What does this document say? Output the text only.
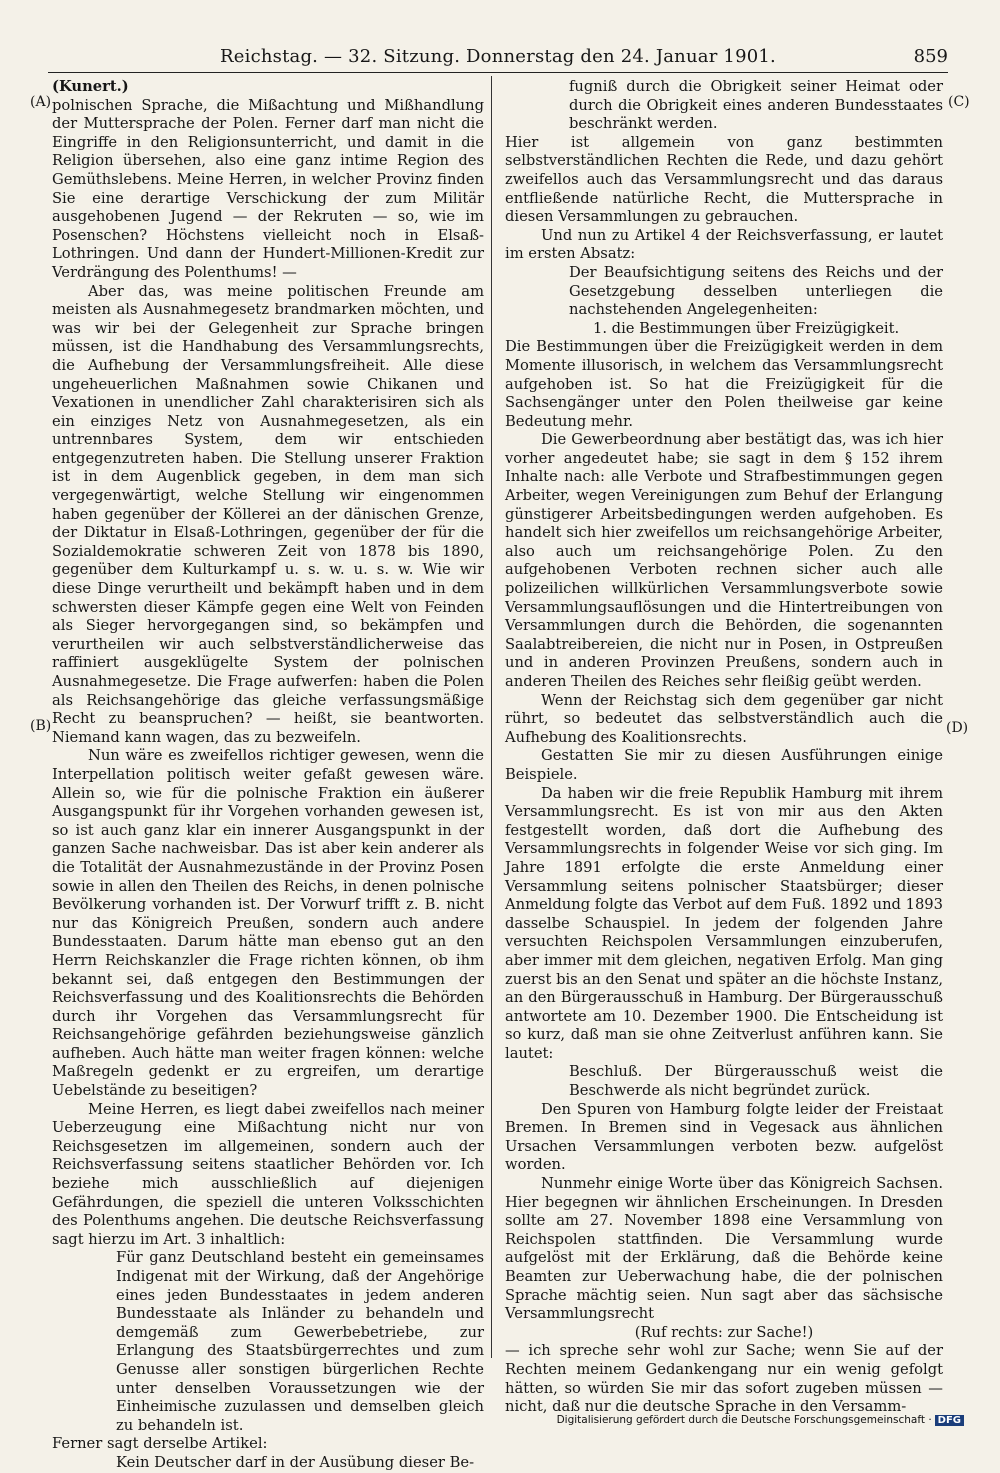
Reichstag. — 32. Sitzung. Donnerstag den 24. Januar 1901.	859
(A)
(B)
(C)
(D)

(Kunert.)

polnischen Sprache, die Mißachtung und Mißhandlung der Muttersprache der Polen. Ferner darf man nicht die Eingriffe in den Religionsunterricht, und damit in die Religion übersehen, also eine ganz intime Region des Gemüthslebens. Meine Herren, in welcher Provinz finden Sie eine derartige Verschickung der zum Militär ausgehobenen Jugend — der Rekruten — so, wie im Posenschen? Höchstens vielleicht noch in Elsaß-Lothringen. Und dann der Hundert-Millionen-Kredit zur Verdrängung des Polenthums! —

Aber das, was meine politischen Freunde am meisten als Ausnahmegesetz brandmarken möchten, und was wir bei der Gelegenheit zur Sprache bringen müssen, ist die Handhabung des Versammlungsrechts, die Aufhebung der Versammlungsfreiheit. Alle diese ungeheuerlichen Maßnahmen sowie Chikanen und Vexationen in unendlicher Zahl charakterisiren sich als ein einziges Netz von Ausnahmegesetzen, als ein untrennbares System, dem wir entschieden entgegenzutreten haben. Die Stellung unserer Fraktion ist in dem Augenblick gegeben, in dem man sich vergegenwärtigt, welche Stellung wir eingenommen haben gegenüber der Köllerei an der dänischen Grenze, der Diktatur in Elsaß-Lothringen, gegenüber der für die Sozialdemokratie schweren Zeit von 1878 bis 1890, gegenüber dem Kulturkampf u. s. w. u. s. w. Wie wir diese Dinge verurtheilt und bekämpft haben und in dem schwersten dieser Kämpfe gegen eine Welt von Feinden als Sieger hervorgegangen sind, so bekämpfen und verurtheilen wir auch selbstverständlicherweise das raffiniert ausgeklügelte System der polnischen Ausnahmegesetze. Die Frage aufwerfen: haben die Polen als Reichsangehörige das gleiche verfassungsmäßige Recht zu beanspruchen? — heißt, sie beantworten. Niemand kann wagen, das zu bezweifeln.

Nun wäre es zweifellos richtiger gewesen, wenn die Interpellation politisch weiter gefaßt gewesen wäre. Allein so, wie für die polnische Fraktion ein äußerer Ausgangspunkt für ihr Vorgehen vorhanden gewesen ist, so ist auch ganz klar ein innerer Ausgangspunkt in der ganzen Sache nachweisbar. Das ist aber kein anderer als die Totalität der Ausnahmezustände in der Provinz Posen sowie in allen den Theilen des Reichs, in denen polnische Bevölkerung vorhanden ist. Der Vorwurf trifft z. B. nicht nur das Königreich Preußen, sondern auch andere Bundesstaaten. Darum hätte man ebenso gut an den Herrn Reichskanzler die Frage richten können, ob ihm bekannt sei, daß entgegen den Bestimmungen der Reichsverfassung und des Koalitionsrechts die Behörden durch ihr Vorgehen das Versammlungsrecht für Reichsangehörige gefährden beziehungsweise gänzlich aufheben. Auch hätte man weiter fragen können: welche Maßregeln gedenkt er zu ergreifen, um derartige Uebelstände zu beseitigen?

Meine Herren, es liegt dabei zweifellos nach meiner Ueberzeugung eine Mißachtung nicht nur von Reichsgesetzen im allgemeinen, sondern auch der Reichsverfassung seitens staatlicher Behörden vor. Ich beziehe mich ausschließlich auf diejenigen Gefährdungen, die speziell die unteren Volksschichten des Polenthums angehen. Die deutsche Reichsverfassung sagt hierzu im Art. 3 inhaltlich:

Für ganz Deutschland besteht ein gemeinsames Indigenat mit der Wirkung, daß der Angehörige eines jeden Bundesstaates in jedem anderen Bundesstaate als Inländer zu behandeln und demgemäß zum Gewerbebetriebe, zur Erlangung des Staatsbürgerrechtes und zum Genusse aller sonstigen bürgerlichen Rechte unter denselben Voraussetzungen wie der Einheimische zuzulassen und demselben gleich zu behandeln ist.

Ferner sagt derselbe Artikel:

Kein Deutscher darf in der Ausübung dieser Be-

fugniß durch die Obrigkeit seiner Heimat oder durch die Obrigkeit eines anderen Bundesstaates beschränkt werden.

Hier ist allgemein von ganz bestimmten selbstverständlichen Rechten die Rede, und dazu gehört zweifellos auch das Versammlungsrecht und das daraus entfließende natürliche Recht, die Muttersprache in diesen Versammlungen zu gebrauchen.

Und nun zu Artikel 4 der Reichsverfassung, er lautet im ersten Absatz:

Der Beaufsichtigung seitens des Reichs und der Gesetzgebung desselben unterliegen die nachstehenden Angelegenheiten:

1. die Bestimmungen über Freizügigkeit.

Die Bestimmungen über die Freizügigkeit werden in dem Momente illusorisch, in welchem das Versammlungsrecht aufgehoben ist. So hat die Freizügigkeit für die Sachsengänger unter den Polen theilweise gar keine Bedeutung mehr.

Die Gewerbeordnung aber bestätigt das, was ich hier vorher angedeutet habe; sie sagt in dem § 152 ihrem Inhalte nach: alle Verbote und Strafbestimmungen gegen Arbeiter, wegen Vereinigungen zum Behuf der Erlangung günstigerer Arbeitsbedingungen werden aufgehoben. Es handelt sich hier zweifellos um reichsangehörige Arbeiter, also auch um reichsangehörige Polen. Zu den aufgehobenen Verboten rechnen sicher auch alle polizeilichen willkürlichen Versammlungsverbote sowie Versammlungsauflösungen und die Hintertreibungen von Versammlungen durch die Behörden, die sogenannten Saalabtreibereien, die nicht nur in Posen, in Ostpreußen und in anderen Provinzen Preußens, sondern auch in anderen Theilen des Reiches sehr fleißig geübt werden.

Wenn der Reichstag sich dem gegenüber gar nicht rührt, so bedeutet das selbstverständlich auch die Aufhebung des Koalitionsrechts.

Gestatten Sie mir zu diesen Ausführungen einige Beispiele.

Da haben wir die freie Republik Hamburg mit ihrem Versammlungsrecht. Es ist von mir aus den Akten festgestellt worden, daß dort die Aufhebung des Versammlungsrechts in folgender Weise vor sich ging. Im Jahre 1891 erfolgte die erste Anmeldung einer Versammlung seitens polnischer Staatsbürger; dieser Anmeldung folgte das Verbot auf dem Fuß. 1892 und 1893 dasselbe Schauspiel. In jedem der folgenden Jahre versuchten Reichspolen Versammlungen einzuberufen, aber immer mit dem gleichen, negativen Erfolg. Man ging zuerst bis an den Senat und später an die höchste Instanz, an den Bürgerausschuß in Hamburg. Der Bürgerausschuß antwortete am 10. Dezember 1900. Die Entscheidung ist so kurz, daß man sie ohne Zeitverlust anführen kann. Sie lautet:

Beschluß. Der Bürgerausschuß weist die Beschwerde als nicht begründet zurück.

Den Spuren von Hamburg folgte leider der Freistaat Bremen. In Bremen sind in Vegesack aus ähnlichen Ursachen Versammlungen verboten bezw. aufgelöst worden.

Nunmehr einige Worte über das Königreich Sachsen. Hier begegnen wir ähnlichen Erscheinungen. In Dresden sollte am 27. November 1898 eine Versammlung von Reichspolen stattfinden. Die Versammlung wurde aufgelöst mit der Erklärung, daß die Behörde keine Beamten zur Ueberwachung habe, die der polnischen Sprache mächtig seien. Nun sagt aber das sächsische Versammlungsrecht

(Ruf rechts: zur Sache!)

— ich spreche sehr wohl zur Sache; wenn Sie auf der Rechten meinem Gedankengang nur ein wenig gefolgt hätten, so würden Sie mir das sofort zugeben müssen — nicht, daß nur die deutsche Sprache in den Versamm-

Digitalisierung gefördert durch die Deutsche Forschungsgemeinschaft · DFG
